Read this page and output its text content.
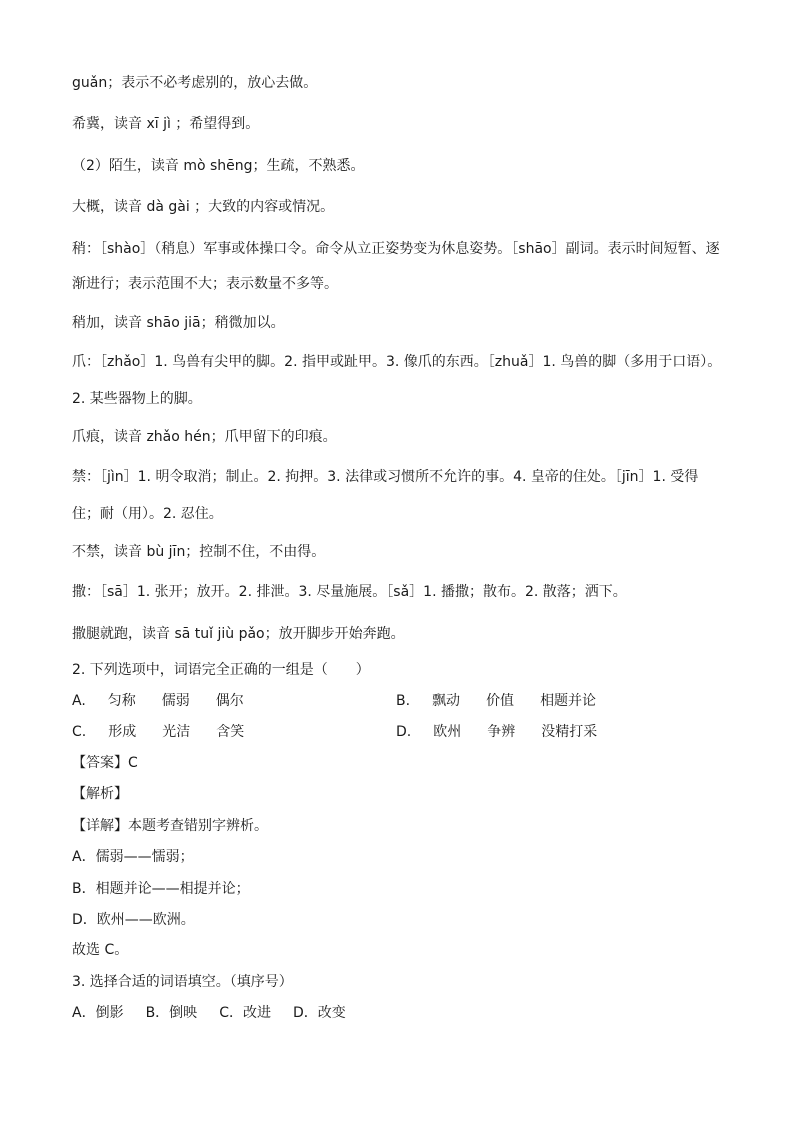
guǎn；表示不必考虑别的，放心去做。
希冀，读音 xī jì ；希望得到。
（2）陌生，读音 mò shēng；生疏，不熟悉。
大概，读音 dà gài ；大致的内容或情况。
稍：［shào］（稍息）军事或体操口令。命令从立正姿势变为休息姿势。［shāo］副词。表示时间短暂、逐
渐进行；表示范围不大；表示数量不多等。
稍加，读音 shāo jiā；稍微加以。
爪：［zhǎo］1. 鸟兽有尖甲的脚。2. 指甲或趾甲。3. 像爪的东西。［zhuǎ］1. 鸟兽的脚（多用于口语）。
2. 某些器物上的脚。
爪痕，读音 zhǎo hén；爪甲留下的印痕。
禁：［jìn］1. 明令取消；制止。2. 拘押。3. 法律或习惯所不允许的事。4. 皇帝的住处。［jīn］1. 受得
住；耐（用）。2. 忍住。
不禁，读音 bù jīn；控制不住，不由得。
撒：［sā］1. 张开；放开。2. 排泄。3. 尽量施展。［sǎ］1. 播撒；散布。2. 散落；洒下。
撒腿就跑，读音 sā tuǐ jiù pǎo；放开脚步开始奔跑。
2. 下列选项中，词语完全正确的一组是（　　）
A. 匀称 儒弱 偶尔	B. 飘动 价值 相题并论
C. 形成 光洁 含笑	D. 欧州 争辨 没精打采
【答案】C
【解析】
【详解】本题考查错别字辨析。
A．儒弱——懦弱；
B．相题并论——相提并论；
D．欧州——欧洲。
故选 C。
3. 选择合适的词语填空。（填序号）
A．倒影 B．倒映 C．改进 D．改变
